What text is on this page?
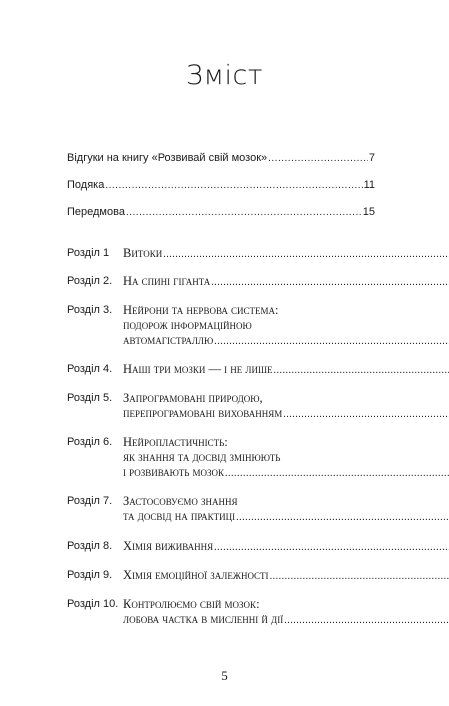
Зміст
Відгуки на книгу «Розвивай свій мозок» .....	7
Подяка .....	11
Передмова .....	15
Розділ 1	Витоки
.....
Розділ 2. На спині гіганта
.....
Розділ 3. Нейрони та нервова система:
подорож інформаційною
автомагістраллю
.....
Розділ 4. Наші три мозки — і не лише
.....
Розділ 5. Запрограмовані природою,
перепрограмовані вихованням
.....
Розділ 6. Нейропластичність:
як знання та досвід змінюють
і розвивають мозок
.....
Розділ 7. Застосовуємо знання
та досвід на практиці
.....
Розділ 8. Хімія виживання
.....
Розділ 9. Хімія емоційної залежності
.....
Розділ 10. Контролюємо свій мозок:
лобова частка в мисленні й дії
.....
5
